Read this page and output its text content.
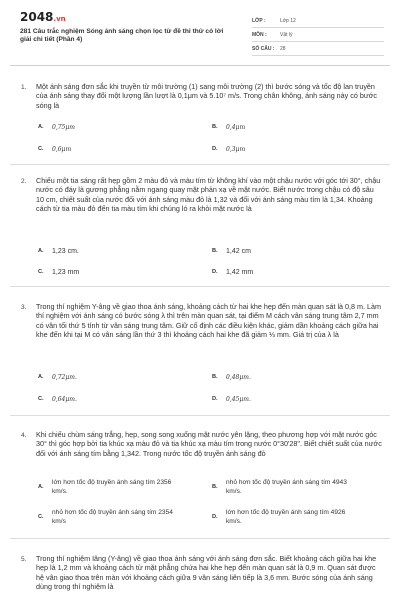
2048.vn
281 Câu trắc nghiệm Sóng ánh sáng chọn lọc từ đề thi thử có lời giải chi tiết (Phần 4)
LỚP :	Lớp 12
MÔN :	Vật lý
SỐ CÂU :	28
1. Một ánh sáng đơn sắc khi truyền từ môi trường (1) sang môi trường (2) thì bước sóng và tốc độ lan truyền của ánh sáng thay đổi một lượng lần lượt là 0,1μm và 5.10⁷ m/s. Trong chân không, ánh sáng này có bước sóng là
A.	0,75μm	B.	0,4μm
C.	0,6μm	D.	0,3μm
2. Chiếu một tia sáng rất hẹp gồm 2 màu đỏ và màu tím từ không khí vào một chậu nước với góc tới 30°, chậu nước có đáy là gương phẳng nằm ngang quay mặt phản xạ về mặt nước. Biết nước trong chậu có độ sâu 10 cm, chiết suất của nước đối với ánh sáng màu đỏ là 1,32 và đối với ánh sáng màu tím là 1,34. Khoảng cách từ tia màu đỏ đến tia màu tím khi chúng ló ra khỏi mặt nước là
A.	1,23 cm.	B.	1,42 cm
C.	1,23 mm	D.	1,42 mm
3. Trong thí nghiệm Y-âng về giao thoa ánh sáng, khoảng cách từ hai khe hẹp đến màn quan sát là 0,8 m. Làm thí nghiệm với ánh sáng có bước sóng λ thì trên màn quan sát, tại điểm M cách vân sáng trung tâm 2,7 mm có vân tối thứ 5 tính từ vân sáng trung tâm. Giữ cố định các điều kiện khác, giảm dần khoảng cách giữa hai khe đến khi tại M có vân sáng lần thứ 3 thì khoảng cách hai khe đã giảm ⅓ mm. Giá trị của λ là
A.	0,72μm.	B.	0,48μm.
C.	0,64μm.	D.	0,45μm.
4. Khi chiếu chùm sáng trắng, hẹp, song song xuống mặt nước yên lặng, theo phương hợp với mặt nước góc 30° thì góc hợp bởi tia khúc xạ màu đỏ và tia khúc xạ màu tím trong nước 0°30'28". Biết chiết suất của nước đối với ánh sáng tím bằng 1,342. Trong nước tốc độ truyền ánh sáng đỏ
A.
lớn hơn tốc độ truyền ánh sáng tím 2356 km/s.
B.
nhỏ hơn tốc độ truyền ánh sáng tím 4943 km/s.
C.
nhỏ hơn tốc độ truyền ánh sáng tím 2354 km/s
D.
lớn hơn tốc độ truyền ánh sáng tím 4926 km/s.
5. Trong thí nghiệm Iâng (Y-âng) về giao thoa ánh sáng với ánh sáng đơn sắc. Biết khoảng cách giữa hai khe hẹp là 1,2 mm và khoảng cách từ mặt phẳng chứa hai khe hẹp đến màn quan sát là 0,9 m. Quan sát được hệ vân giao thoa trên màn với khoảng cách giữa 9 vân sáng liên tiếp là 3,6 mm. Bước sóng của ánh sáng dùng trong thí nghiệm là
